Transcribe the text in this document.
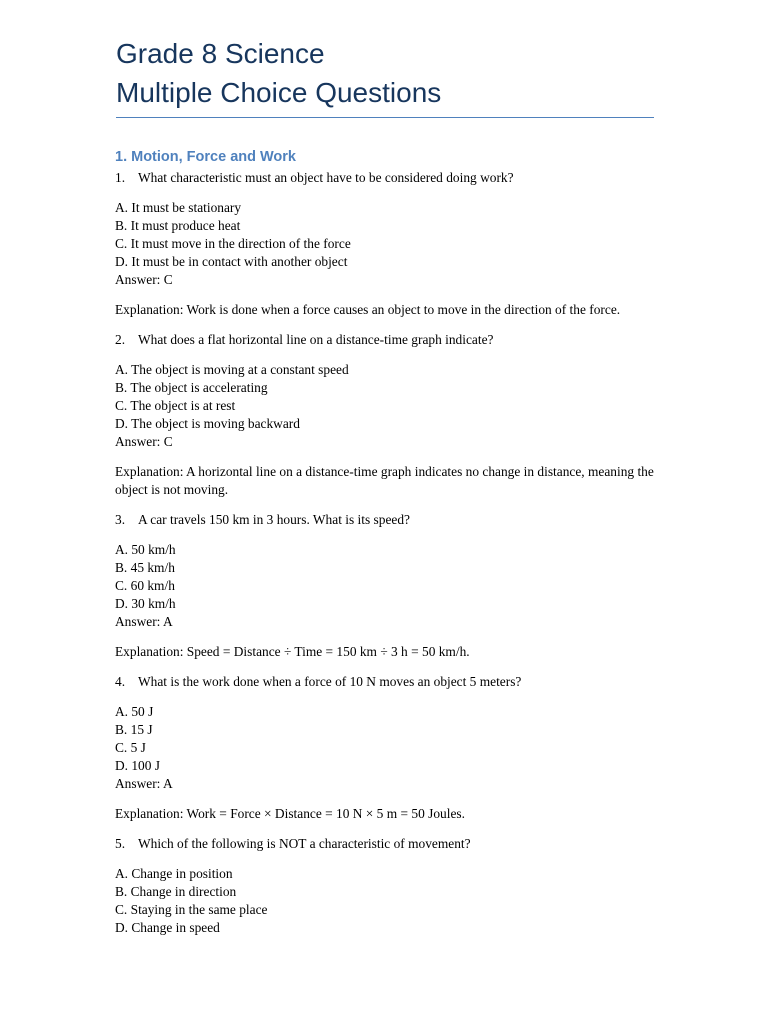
Grade 8 Science
Multiple Choice Questions
1. Motion, Force and Work
1. What characteristic must an object have to be considered doing work?
A. It must be stationary
B. It must produce heat
C. It must move in the direction of the force
D. It must be in contact with another object
Answer: C
Explanation: Work is done when a force causes an object to move in the direction of the force.
2. What does a flat horizontal line on a distance-time graph indicate?
A. The object is moving at a constant speed
B. The object is accelerating
C. The object is at rest
D. The object is moving backward
Answer: C
Explanation: A horizontal line on a distance-time graph indicates no change in distance, meaning the object is not moving.
3. A car travels 150 km in 3 hours. What is its speed?
A. 50 km/h
B. 45 km/h
C. 60 km/h
D. 30 km/h
Answer: A
Explanation: Speed = Distance ÷ Time = 150 km ÷ 3 h = 50 km/h.
4. What is the work done when a force of 10 N moves an object 5 meters?
A. 50 J
B. 15 J
C. 5 J
D. 100 J
Answer: A
Explanation: Work = Force × Distance = 10 N × 5 m = 50 Joules.
5. Which of the following is NOT a characteristic of movement?
A. Change in position
B. Change in direction
C. Staying in the same place
D. Change in speed
